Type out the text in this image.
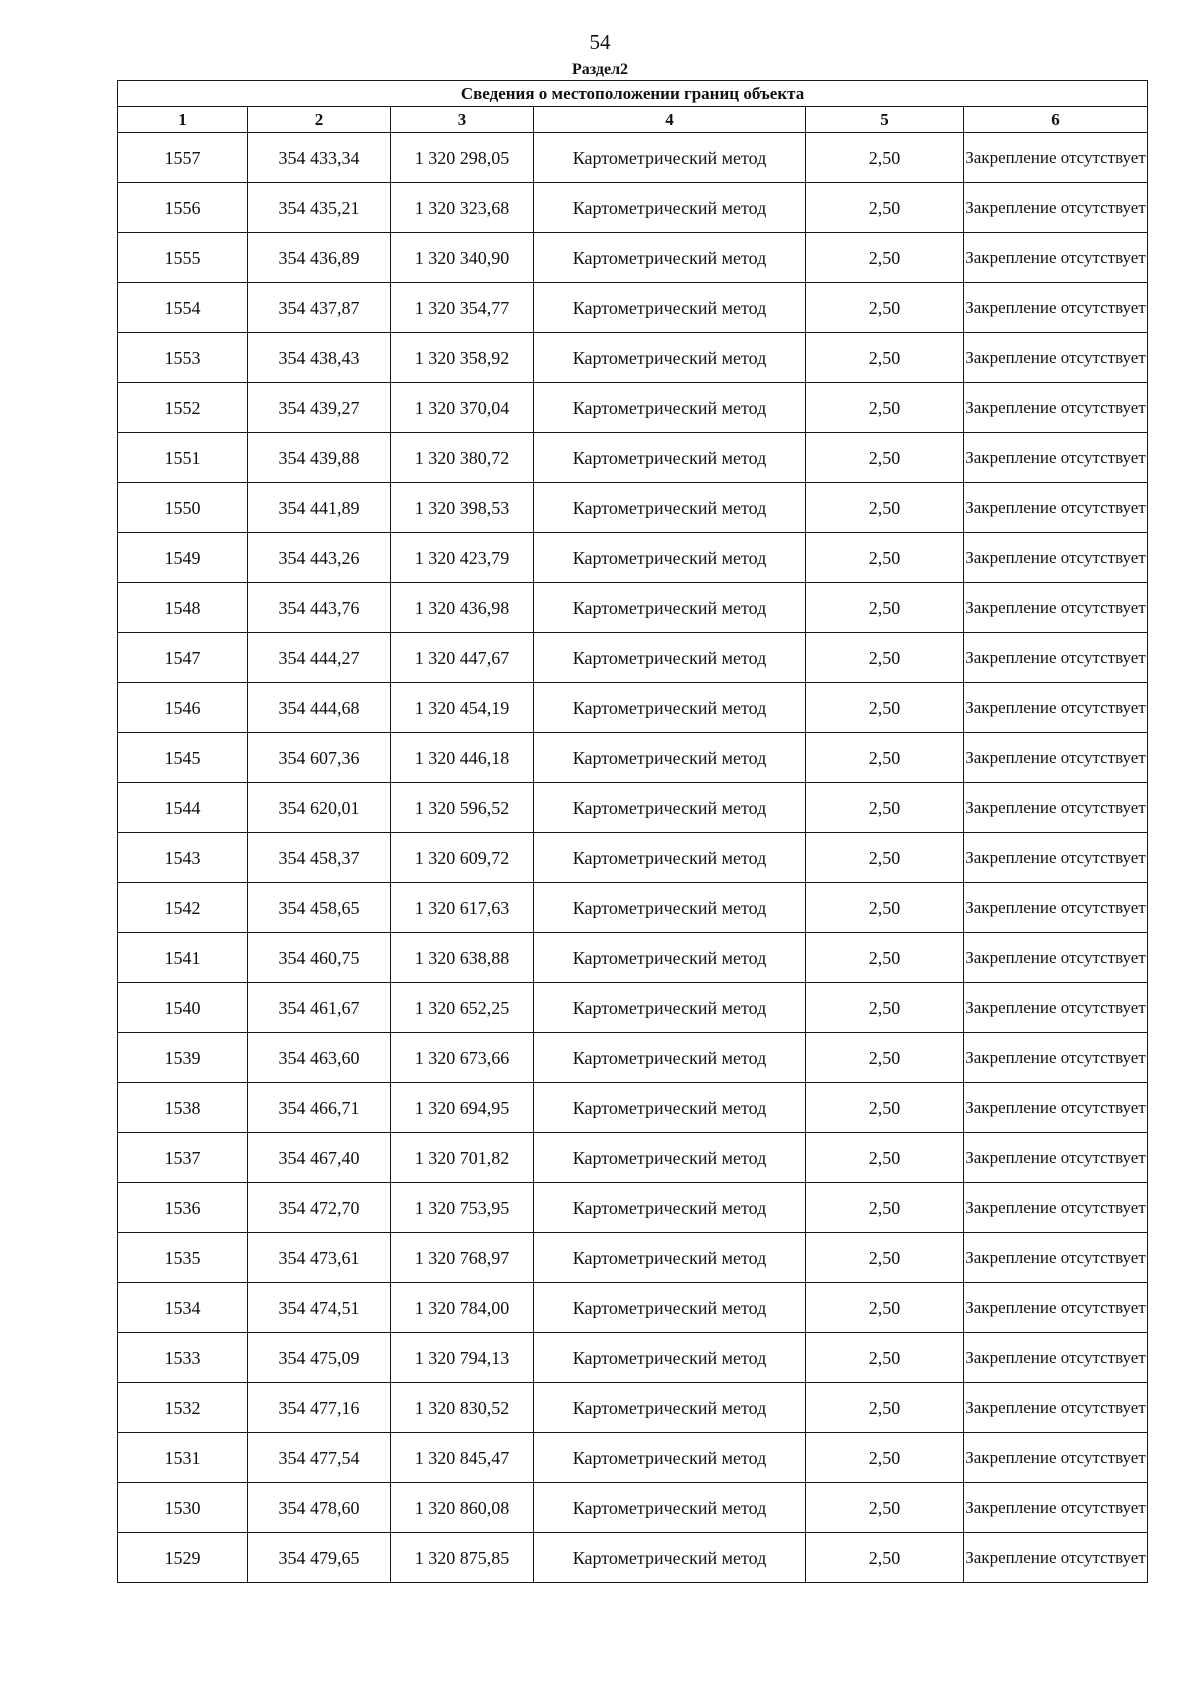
54
Раздел2
Сведения о местоположении границ объекта					
1	2	3	4	5	6
1557	354 433,34	1 320 298,05	Картометрический метод	2,50	Закрепление отсутствует
1556	354 435,21	1 320 323,68	Картометрический метод	2,50	Закрепление отсутствует
1555	354 436,89	1 320 340,90	Картометрический метод	2,50	Закрепление отсутствует
1554	354 437,87	1 320 354,77	Картометрический метод	2,50	Закрепление отсутствует
1553	354 438,43	1 320 358,92	Картометрический метод	2,50	Закрепление отсутствует
1552	354 439,27	1 320 370,04	Картометрический метод	2,50	Закрепление отсутствует
1551	354 439,88	1 320 380,72	Картометрический метод	2,50	Закрепление отсутствует
1550	354 441,89	1 320 398,53	Картометрический метод	2,50	Закрепление отсутствует
1549	354 443,26	1 320 423,79	Картометрический метод	2,50	Закрепление отсутствует
1548	354 443,76	1 320 436,98	Картометрический метод	2,50	Закрепление отсутствует
1547	354 444,27	1 320 447,67	Картометрический метод	2,50	Закрепление отсутствует
1546	354 444,68	1 320 454,19	Картометрический метод	2,50	Закрепление отсутствует
1545	354 607,36	1 320 446,18	Картометрический метод	2,50	Закрепление отсутствует
1544	354 620,01	1 320 596,52	Картометрический метод	2,50	Закрепление отсутствует
1543	354 458,37	1 320 609,72	Картометрический метод	2,50	Закрепление отсутствует
1542	354 458,65	1 320 617,63	Картометрический метод	2,50	Закрепление отсутствует
1541	354 460,75	1 320 638,88	Картометрический метод	2,50	Закрепление отсутствует
1540	354 461,67	1 320 652,25	Картометрический метод	2,50	Закрепление отсутствует
1539	354 463,60	1 320 673,66	Картометрический метод	2,50	Закрепление отсутствует
1538	354 466,71	1 320 694,95	Картометрический метод	2,50	Закрепление отсутствует
1537	354 467,40	1 320 701,82	Картометрический метод	2,50	Закрепление отсутствует
1536	354 472,70	1 320 753,95	Картометрический метод	2,50	Закрепление отсутствует
1535	354 473,61	1 320 768,97	Картометрический метод	2,50	Закрепление отсутствует
1534	354 474,51	1 320 784,00	Картометрический метод	2,50	Закрепление отсутствует
1533	354 475,09	1 320 794,13	Картометрический метод	2,50	Закрепление отсутствует
1532	354 477,16	1 320 830,52	Картометрический метод	2,50	Закрепление отсутствует
1531	354 477,54	1 320 845,47	Картометрический метод	2,50	Закрепление отсутствует
1530	354 478,60	1 320 860,08	Картометрический метод	2,50	Закрепление отсутствует
1529	354 479,65	1 320 875,85	Картометрический метод	2,50	Закрепление отсутствует
